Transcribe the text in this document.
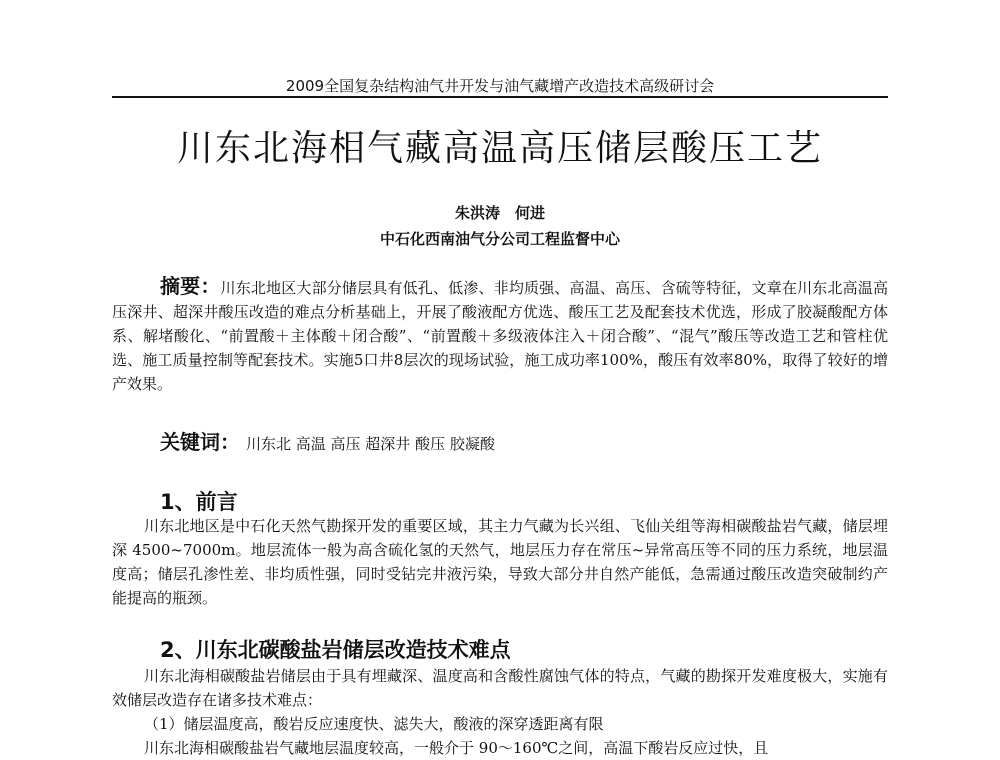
2009全国复杂结构油气井开发与油气藏增产改造技术高级研讨会
川东北海相气藏高温高压储层酸压工艺
朱洪涛　何进
中石化西南油气分公司工程监督中心
摘要：川东北地区大部分储层具有低孔、低渗、非均质强、高温、高压、含硫等特征，文章在川东北高温高压深井、超深井酸压改造的难点分析基础上，开展了酸液配方优选、酸压工艺及配套技术优选，形成了胶凝酸配方体系、解堵酸化、“前置酸＋主体酸＋闭合酸”、“前置酸＋多级液体注入＋闭合酸”、“混气”酸压等改造工艺和管柱优选、施工质量控制等配套技术。实施5口井8层次的现场试验，施工成功率100%，酸压有效率80%，取得了较好的增产效果。
关键词： 川东北 高温 高压 超深井 酸压 胶凝酸
1、前言
川东北地区是中石化天然气勘探开发的重要区域，其主力气藏为长兴组、飞仙关组等海相碳酸盐岩气藏，储层埋深 4500~7000m。地层流体一般为高含硫化氢的天然气，地层压力存在常压~异常高压等不同的压力系统，地层温度高；储层孔渗性差、非均质性强，同时受钻完井液污染，导致大部分井自然产能低，急需通过酸压改造突破制约产能提高的瓶颈。
2、川东北碳酸盐岩储层改造技术难点
川东北海相碳酸盐岩储层由于具有埋藏深、温度高和含酸性腐蚀气体的特点，气藏的勘探开发难度极大，实施有效储层改造存在诸多技术难点：
（1）储层温度高，酸岩反应速度快、滤失大，酸液的深穿透距离有限
川东北海相碳酸盐岩气藏地层温度较高，一般介于 90～160℃之间，高温下酸岩反应过快，且
